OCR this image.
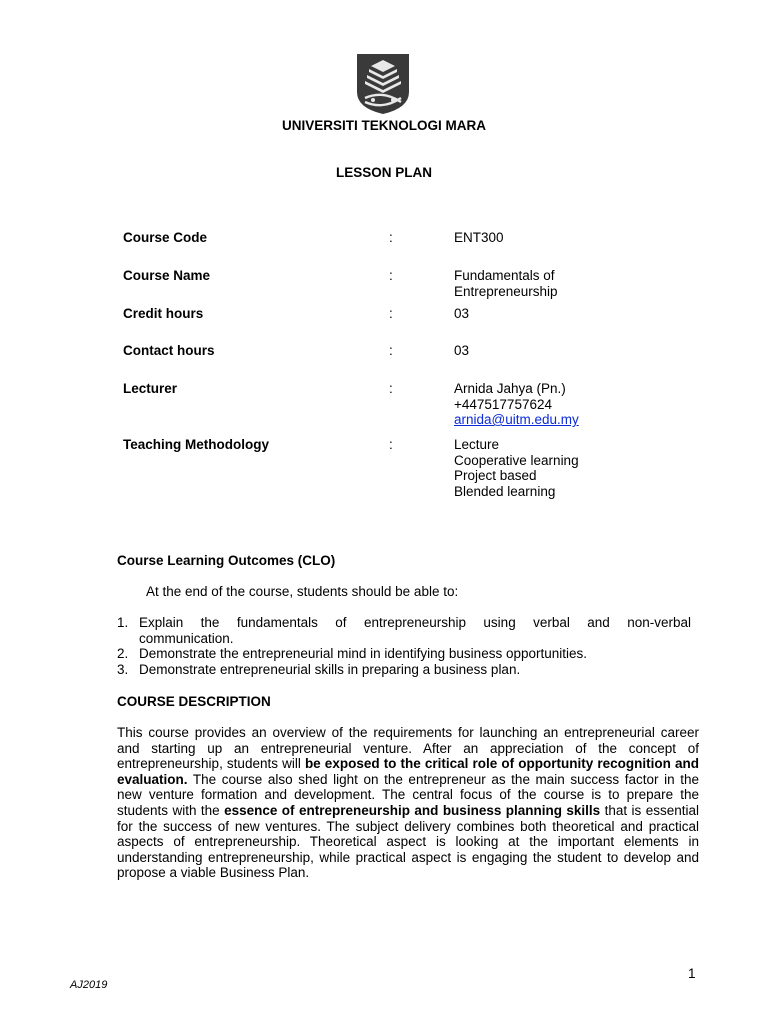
UNIVERSITI TEKNOLOGI MARA
LESSON PLAN
Course Code	:	ENT300
Course Name	:	Fundamentals of
Entrepreneurship
Credit hours	:	03
Contact hours	:	03
Lecturer	:	Arnida Jahya (Pn.)
+447517757624
arnida@uitm.edu.my
Teaching Methodology	:	Lecture
Cooperative learning
Project based
Blended learning
Course Learning Outcomes (CLO)
At the end of the course, students should be able to:
1. Explain the fundamentals of entrepreneurship using verbal and non-verbal
communication.
2. Demonstrate the entrepreneurial mind in identifying business opportunities.
3. Demonstrate entrepreneurial skills in preparing a business plan.
COURSE DESCRIPTION
This course provides an overview of the requirements for launching an entrepreneurial career and starting up an entrepreneurial venture. After an appreciation of the concept of entrepreneurship, students will be exposed to the critical role of opportunity recognition and evaluation. The course also shed light on the entrepreneur as the main success factor in the new venture formation and development. The central focus of the course is to prepare the students with the essence of entrepreneurship and business planning skills that is essential for the success of new ventures. The subject delivery combines both theoretical and practical aspects of entrepreneurship. Theoretical aspect is looking at the important elements in understanding entrepreneurship, while practical aspect is engaging the student to develop and propose a viable Business Plan.
1
AJ2019
